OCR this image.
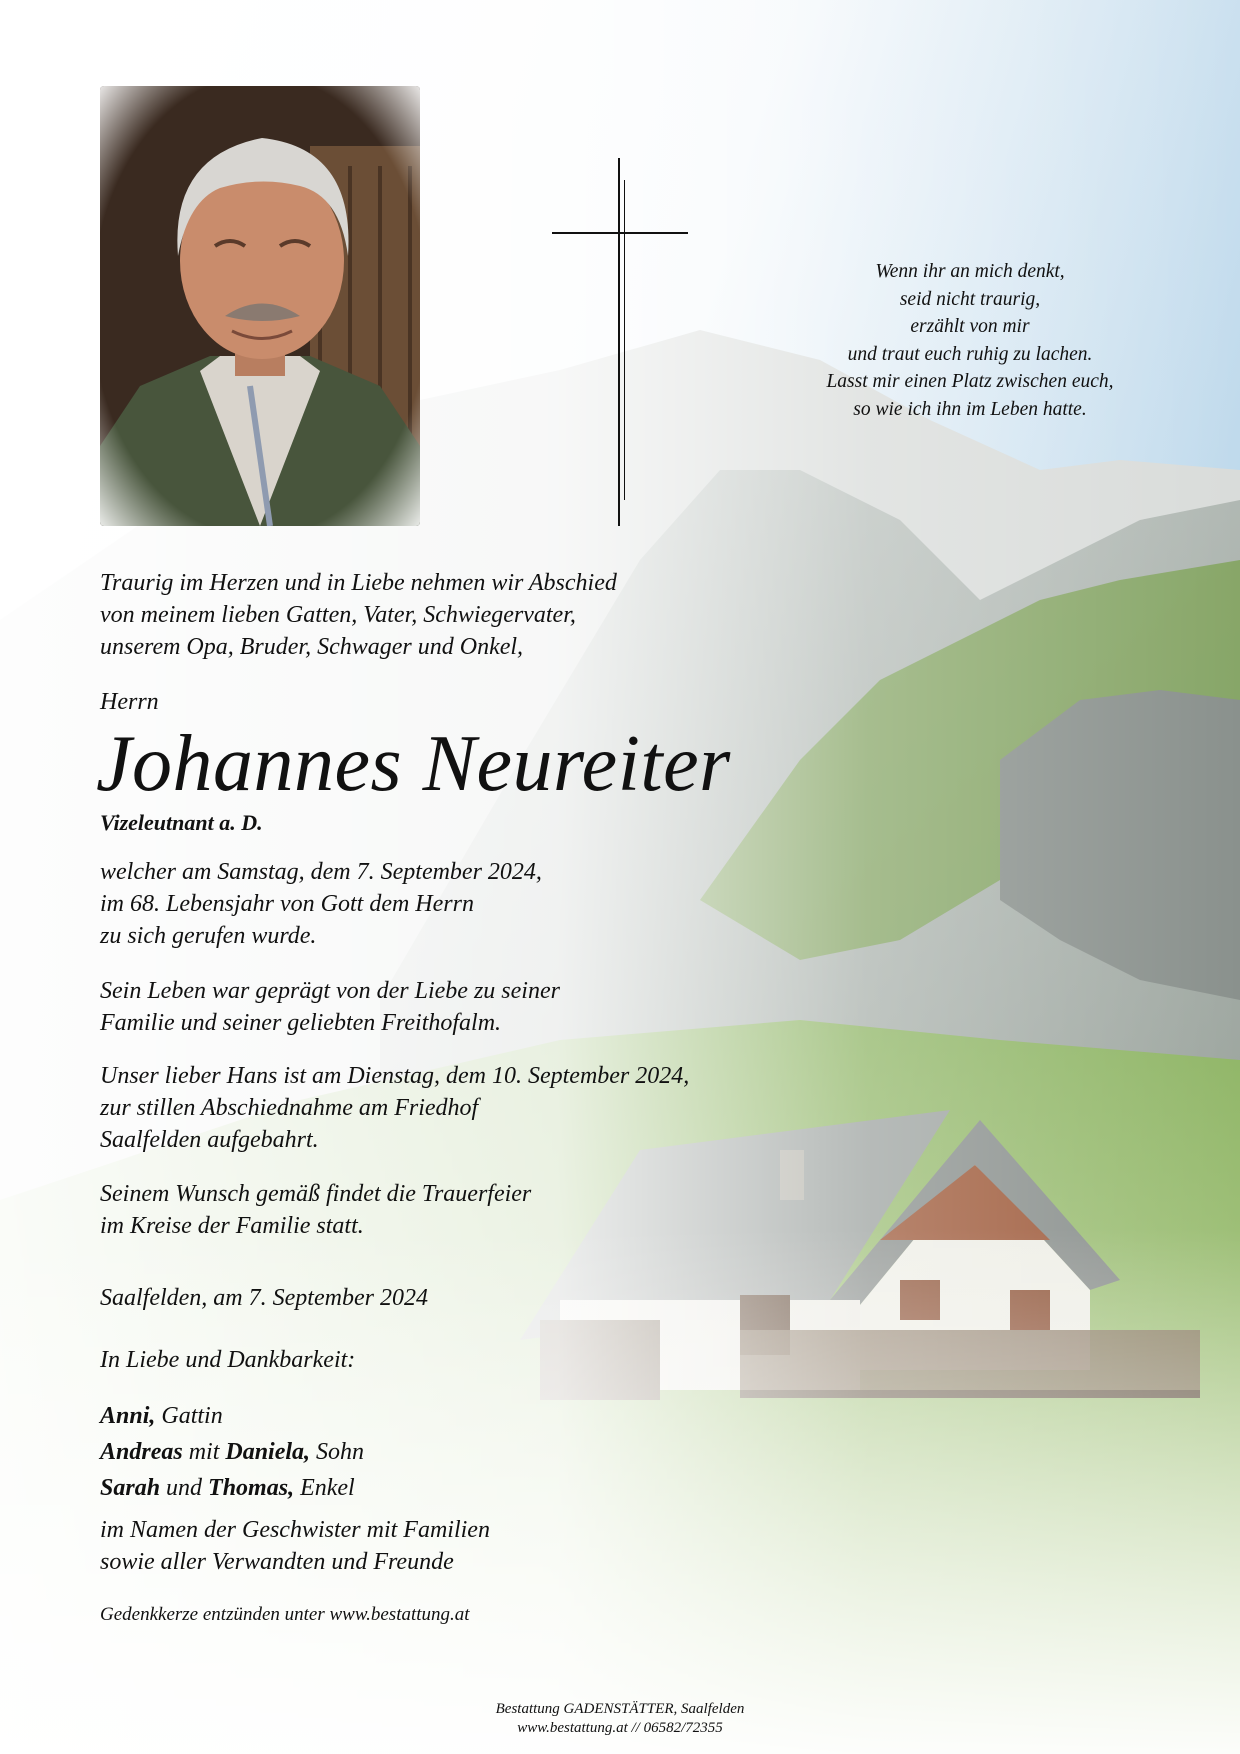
Wenn ihr an mich denkt,
seid nicht traurig,
erzählt von mir
und traut euch ruhig zu lachen.
Lasst mir einen Platz zwischen euch,
so wie ich ihn im Leben hatte.
Traurig im Herzen und in Liebe nehmen wir Abschied
von meinem lieben Gatten, Vater, Schwiegervater,
unserem Opa, Bruder, Schwager und Onkel,
Herrn
Johannes Neureiter
Vizeleutnant a. D.
welcher am Samstag, dem 7. September 2024,
im 68. Lebensjahr von Gott dem Herrn
zu sich gerufen wurde.
Sein Leben war geprägt von der Liebe zu seiner
Familie und seiner geliebten Freithofalm.
Unser lieber Hans ist am Dienstag, dem 10. September 2024,
zur stillen Abschiednahme am Friedhof
Saalfelden aufgebahrt.
Seinem Wunsch gemäß findet die Trauerfeier
im Kreise der Familie statt.
Saalfelden, am 7. September 2024
In Liebe und Dankbarkeit:
Anni, Gattin
Andreas mit Daniela, Sohn
Sarah und Thomas, Enkel
im Namen der Geschwister mit Familien
sowie aller Verwandten und Freunde
Gedenkkerze entzünden unter www.bestattung.at
Bestattung GADENSTÄTTER, Saalfelden
www.bestattung.at // 06582/72355
